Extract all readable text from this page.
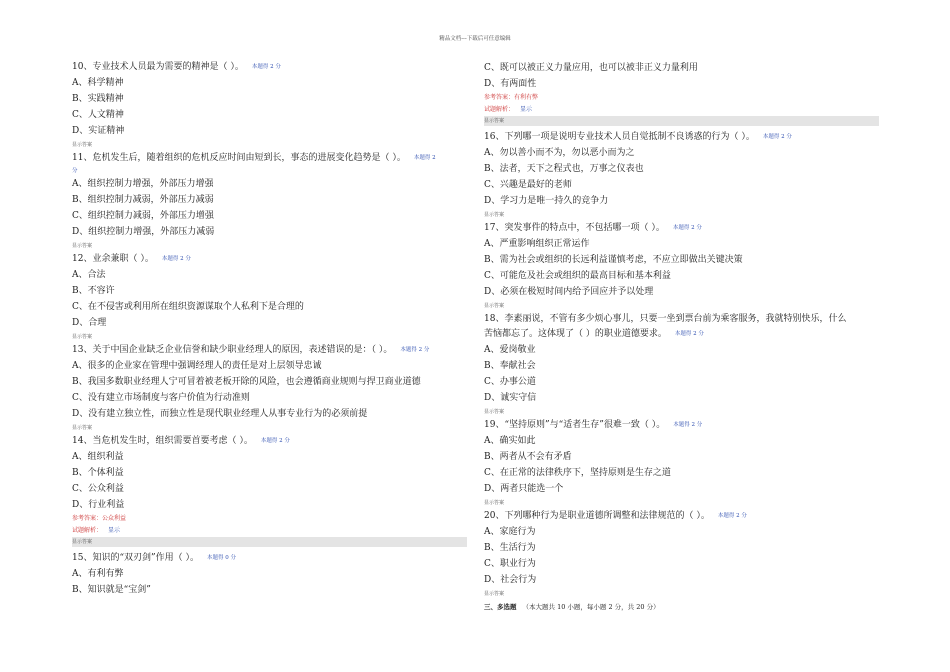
精品文档---下载后可任意编辑

10、专业技术人员最为需要的精神是（ ）。 本题得 2 分

A、科学精神

B、实践精神

C、人文精神

D、实证精神

显示答案

11、危机发生后，随着组织的危机反应时间由短到长，事态的进展变化趋势是（ ）。 本题得 2

分

A、组织控制力增强，外部压力增强

B、组织控制力减弱，外部压力减弱

C、组织控制力减弱，外部压力增强

D、组织控制力增强，外部压力减弱

显示答案

12、业余兼职（ ）。 本题得 2 分

A、合法

B、不容许

C、在不侵害或利用所在组织资源谋取个人私利下是合理的

D、合理

显示答案

13、关于中国企业缺乏企业信誉和缺少职业经理人的原因，表述错误的是：（ ）。 本题得 2 分

A、很多的企业家在管理中强调经理人的责任是对上层领导忠诚

B、我国多数职业经理人宁可冒着被老板开除的风险，也会遵循商业规则与捍卫商业道德

C、没有建立市场制度与客户价值为行动准则

D、没有建立独立性，而独立性是现代职业经理人从事专业行为的必须前提

显示答案

14、当危机发生时，组织需要首要考虑（ ）。 本题得 2 分

A、组织利益

B、个体利益

C、公众利益

D、行业利益

参考答案：公众利益

试题解析： 显示

显示答案

15、知识的“双刃剑”作用（ ）。 本题得 0 分

A、有利有弊

B、知识就是“宝剑”

C、既可以被正义力量应用，也可以被非正义力量利用

D、有两面性

参考答案：有利有弊

试题解析： 显示

显示答案

16、下列哪一项是说明专业技术人员自觉抵制不良诱惑的行为（ ）。 本题得 2 分

A、勿以善小而不为，勿以恶小而为之

B、法者，天下之程式也，万事之仪表也

C、兴趣是最好的老师

D、学习力是唯一持久的竞争力

显示答案

17、突发事件的特点中，不包括哪一项（ ）。 本题得 2 分

A、严重影响组织正常运作

B、需为社会或组织的长远利益谨慎考虑，不应立即做出关键决策

C、可能危及社会或组织的最高目标和基本利益

D、必须在极短时间内给予回应并予以处理

显示答案

18、李素丽说，不管有多少烦心事儿，只要一坐到票台前为乘客服务，我就特别快乐，什么

苦恼都忘了。这体现了（ ）的职业道德要求。 本题得 2 分

A、爱岗敬业

B、奉献社会

C、办事公道

D、诚实守信

显示答案

19、“坚持原则”与“适者生存”很难一致（ ）。 本题得 2 分

A、确实如此

B、两者从不会有矛盾

C、在正常的法律秩序下，坚持原则是生存之道

D、两者只能选一个

显示答案

20、下列哪种行为是职业道德所调整和法律规范的（ ）。 本题得 2 分

A、家庭行为

B、生活行为

C、职业行为

D、社会行为

显示答案

三、多选题 （本大题共 10 小题，每小题 2 分，共 20 分）
